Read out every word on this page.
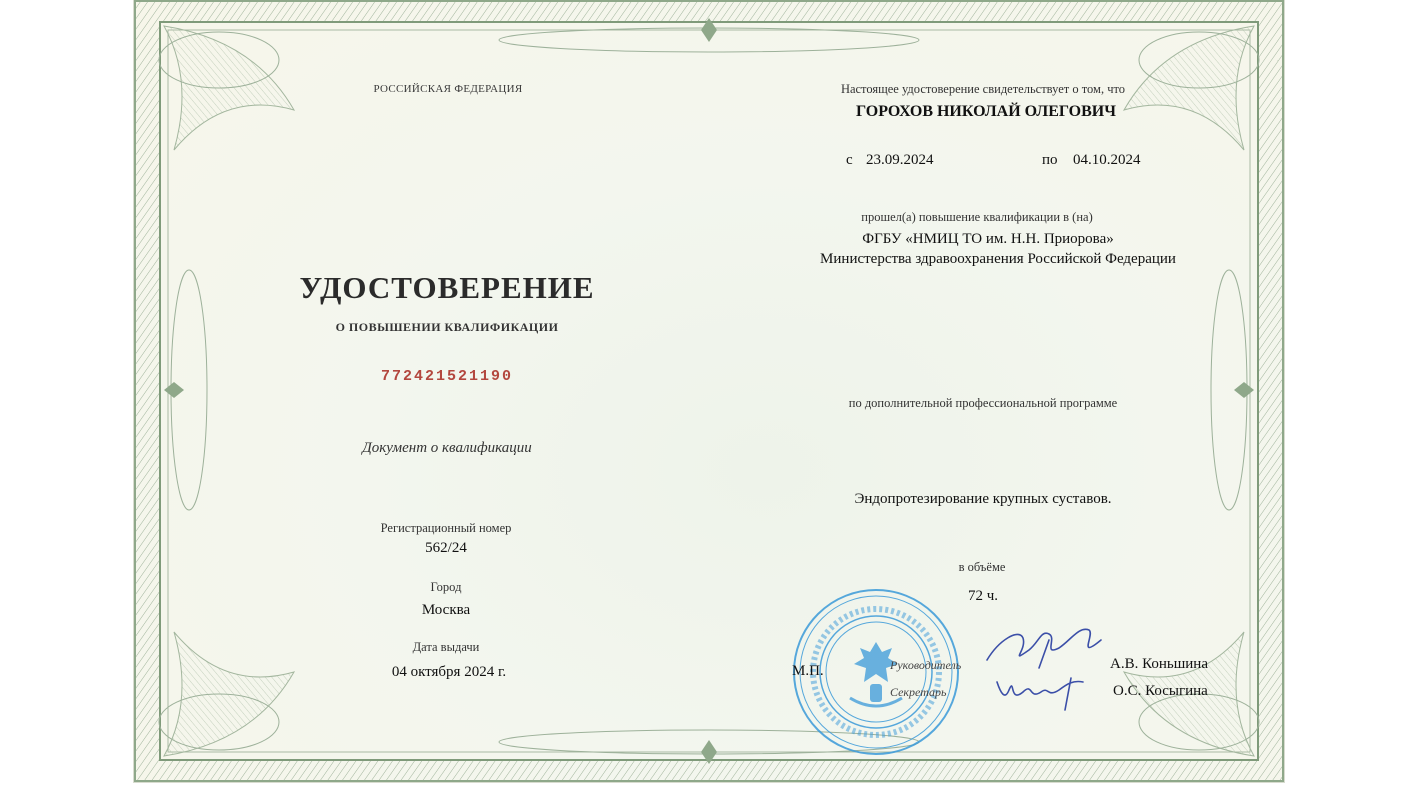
РОССИЙСКАЯ ФЕДЕРАЦИЯ
УДОСТОВЕРЕНИЕ
О ПОВЫШЕНИИ КВАЛИФИКАЦИИ
772421521190
Документ о квалификации
Регистрационный номер
562/24
Город
Москва
Дата выдачи
04 октября 2024 г.
Настоящее удостоверение свидетельствует о том, что
ГОРОХОВ НИКОЛАЙ ОЛЕГОВИЧ
с 23.09.2024	по 04.10.2024
прошел(а) повышение квалификации в (на)
ФГБУ «НМИЦ ТО им. Н.Н. Приорова»
Министерства здравоохранения Российской Федерации
по дополнительной профессиональной программе
Эндопротезирование крупных суставов.
в объёме
72 ч.
М.П.	Руководитель
Секретарь
А.В. Коньшина
О.С. Косыгина
